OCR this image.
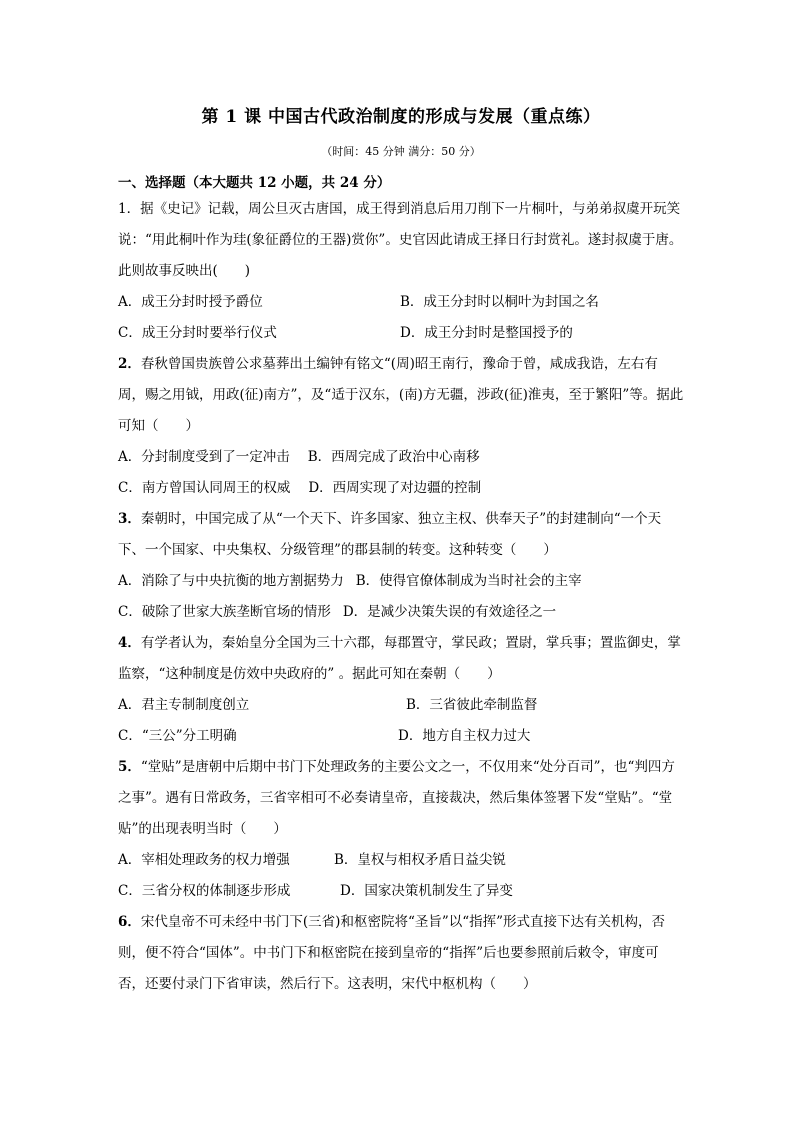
第 1 课 中国古代政治制度的形成与发展（重点练）
（时间：45 分钟 满分：50 分）
一、选择题（本大题共 12 小题，共 24 分）

1．据《史记》记载，周公旦灭古唐国，成王得到消息后用刀削下一片桐叶，与弟弟叔虞开玩笑说：“用此桐叶作为珪(象征爵位的王器)赏你”。史官因此请成王择日行封赏礼。遂封叔虞于唐。此则故事反映出(　　)

A．成王分封时授予爵位	B．成王分封时以桐叶为封国之名
C．成王分封时要举行仪式	D．成王分封时是整国授予的

2．春秋曾国贵族曾公求墓葬出土编钟有铭文“(周)昭王南行，豫命于曾，咸成我诰，左右有周，赐之用钺，用政(征)南方”，及“适于汉东，(南)方无疆，涉政(征)淮夷，至于繁阳”等。据此可知（　　）

A．分封制度受到了一定冲击 B．西周完成了政治中心南移
C．南方曾国认同周王的权威 D．西周实现了对边疆的控制

3．秦朝时，中国完成了从“一个天下、许多国家、独立主权、供奉天子”的封建制向“一个天下、一个国家、中央集权、分级管理”的郡县制的转变。这种转变（　　）

A．消除了与中央抗衡的地方割据势力 B．使得官僚体制成为当时社会的主宰
C．破除了世家大族垄断官场的情形 D．是减少决策失误的有效途径之一

4．有学者认为，秦始皇分全国为三十六郡，每郡置守，掌民政；置尉，掌兵事；置监御史，掌监察，“这种制度是仿效中央政府的” 。据此可知在秦朝（　　）

A．君主专制制度创立	B．三省彼此牵制监督
C．“三公”分工明确	D．地方自主权力过大

5．“堂贴”是唐朝中后期中书门下处理政务的主要公文之一，不仅用来“处分百司”，也“判四方之事”。遇有日常政务，三省宰相可不必奏请皇帝，直接裁决，然后集体签署下发“堂贴”。“堂贴”的出现表明当时（　　）

A．宰相处理政务的权力增强	B．皇权与相权矛盾日益尖锐
C．三省分权的体制逐步形成	D．国家决策机制发生了异变

6．宋代皇帝不可未经中书门下(三省)和枢密院将“圣旨”以“指挥”形式直接下达有关机构，否则，便不符合“国体”。中书门下和枢密院在接到皇帝的“指挥”后也要参照前后敕令，审度可否，还要付录门下省审读，然后行下。这表明，宋代中枢机构（　　）
